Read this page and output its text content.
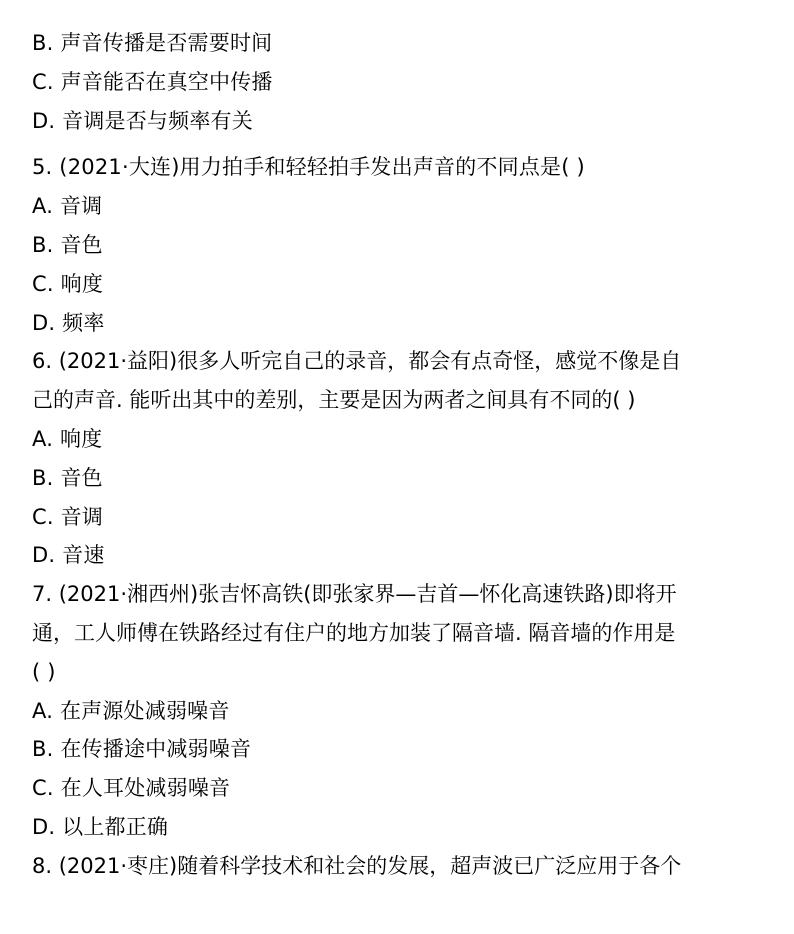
B. 声音传播是否需要时间
C. 声音能否在真空中传播
D. 音调是否与频率有关
5. (2021·大连)用力拍手和轻轻拍手发出声音的不同点是( )
A. 音调
B. 音色
C. 响度
D. 频率
6. (2021·益阳)很多人听完自己的录音，都会有点奇怪，感觉不像是自
己的声音. 能听出其中的差别，主要是因为两者之间具有不同的( )
A. 响度
B. 音色
C. 音调
D. 音速
7. (2021·湘西州)张吉怀高铁(即张家界—吉首—怀化高速铁路)即将开
通，工人师傅在铁路经过有住户的地方加装了隔音墙. 隔音墙的作用是
( )
A. 在声源处减弱噪音
B. 在传播途中减弱噪音
C. 在人耳处减弱噪音
D. 以上都正确
8. (2021·枣庄)随着科学技术和社会的发展，超声波已广泛应用于各个
